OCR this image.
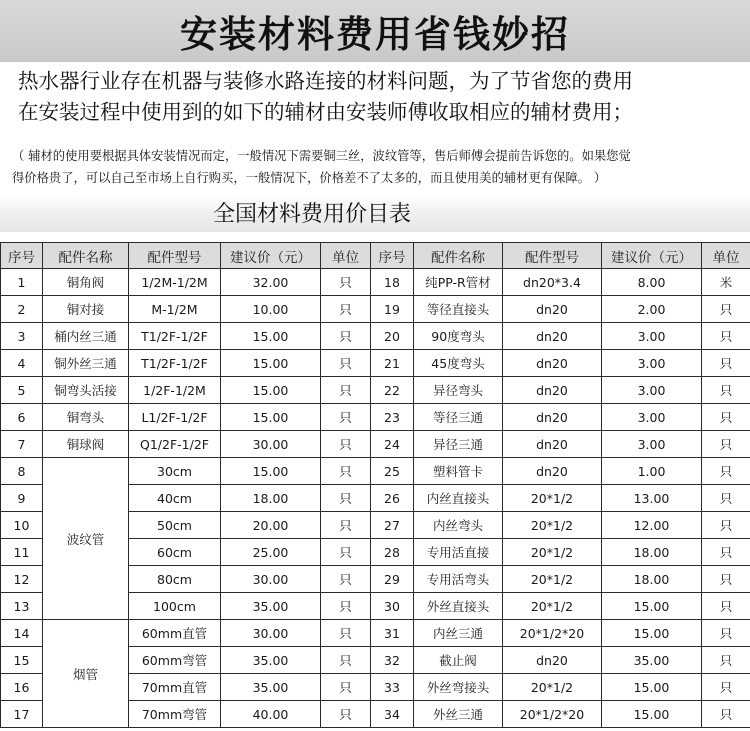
安装材料费用省钱妙招
热水器行业存在机器与装修水路连接的材料问题，为了节省您的费用
在安装过程中使用到的如下的辅材由安装师傅收取相应的辅材费用；
（ 辅材的使用要根据具体安装情况而定，一般情况下需要铜三丝，波纹管等，售后师傅会提前告诉您的。如果您觉
得价格贵了，可以自己至市场上自行购买，一般情况下，价格差不了太多的，而且使用美的辅材更有保障。 ）
全国材料费用价目表
序号	配件名称	配件型号	建议价（元）	单位	序号	配件名称	配件型号	建议价（元）	单位
1	铜角阀	1/2M-1/2M	32.00	只	18	纯PP-R管材	dn20*3.4	8.00	米
2	铜对接	M-1/2M	10.00	只	19	等径直接头	dn20	2.00	只
3	桶内丝三通	T1/2F-1/2F	15.00	只	20	90度弯头	dn20	3.00	只
4	铜外丝三通	T1/2F-1/2F	15.00	只	21	45度弯头	dn20	3.00	只
5	铜弯头活接	1/2F-1/2M	15.00	只	22	异径弯头	dn20	3.00	只
6	铜弯头	L1/2F-1/2F	15.00	只	23	等径三通	dn20	3.00	只
7	铜球阀	Q1/2F-1/2F	30.00	只	24	异径三通	dn20	3.00	只
8	波纹管	30cm	15.00	只	25	塑料管卡	dn20	1.00	只
9		40cm	18.00	只	26	内丝直接头	20*1/2	13.00	只
10		50cm	20.00	只	27	内丝弯头	20*1/2	12.00	只
11		60cm	25.00	只	28	专用活直接	20*1/2	18.00	只
12		80cm	30.00	只	29	专用活弯头	20*1/2	18.00	只
13		100cm	35.00	只	30	外丝直接头	20*1/2	15.00	只
14	烟管	60mm直管	30.00	只	31	内丝三通	20*1/2*20	15.00	只
15		60mm弯管	35.00	只	32	截止阀	dn20	35.00	只
16		70mm直管	35.00	只	33	外丝弯接头	20*1/2	15.00	只
17		70mm弯管	40.00	只	34	外丝三通	20*1/2*20	15.00	只
